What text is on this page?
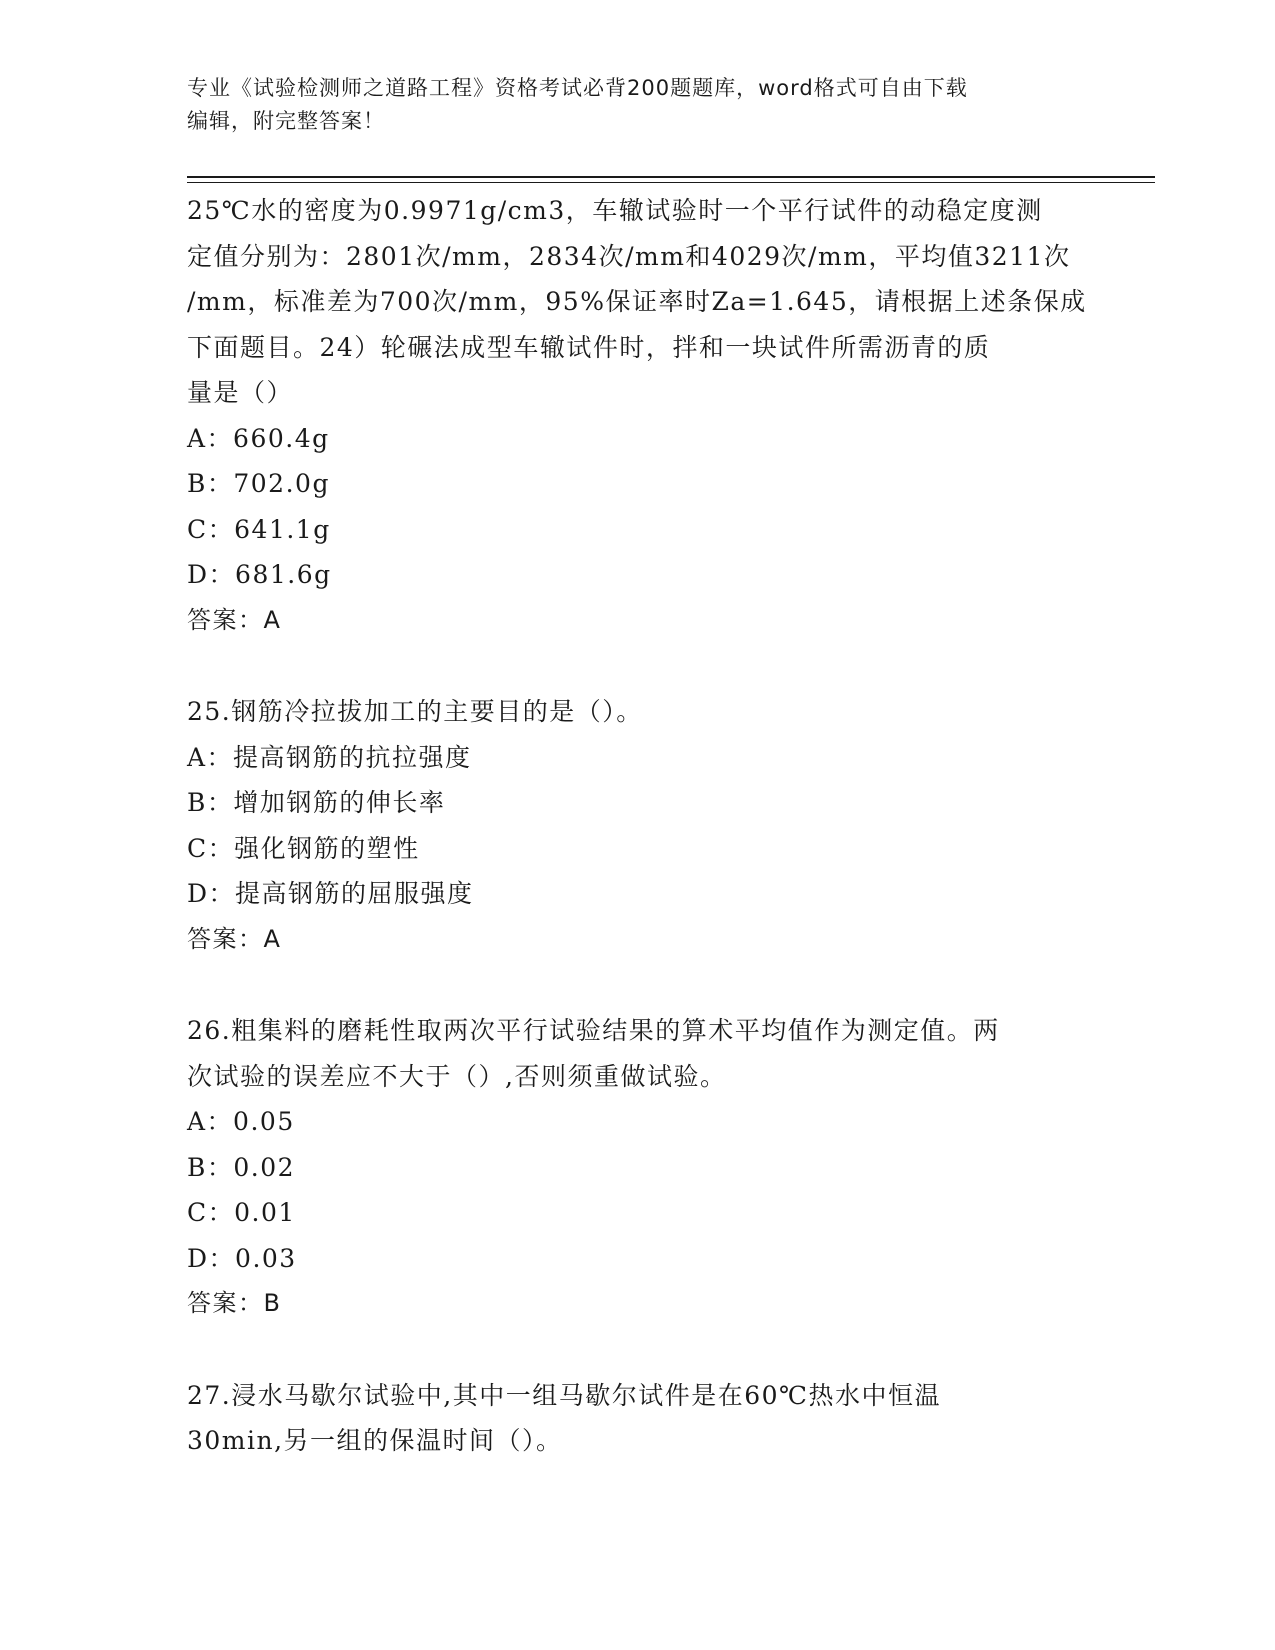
专业《试验检测师之道路工程》资格考试必背200题题库，word格式可自由下载
编辑，附完整答案！
25℃水的密度为0.9971g/cm3，车辙试验时一个平行试件的动稳定度测
定值分别为：2801次/mm，2834次/mm和4029次/mm，平均值3211次
/mm，标准差为700次/mm，95%保证率时Za=1.645，请根据上述条保成
下面题目。24）轮碾法成型车辙试件时，拌和一块试件所需沥青的质
量是（）
A：660.4g
B：702.0g
C：641.1g
D：681.6g
答案：A
25.钢筋冷拉拔加工的主要目的是（）。
A：提高钢筋的抗拉强度
B：增加钢筋的伸长率
C：强化钢筋的塑性
D：提高钢筋的屈服强度
答案：A
26.粗集料的磨耗性取两次平行试验结果的算术平均值作为测定值。两
次试验的误差应不大于（）,否则须重做试验。
A：0.05
B：0.02
C：0.01
D：0.03
答案：B
27.浸水马歇尔试验中,其中一组马歇尔试件是在60℃热水中恒温
30min,另一组的保温时间（）。
